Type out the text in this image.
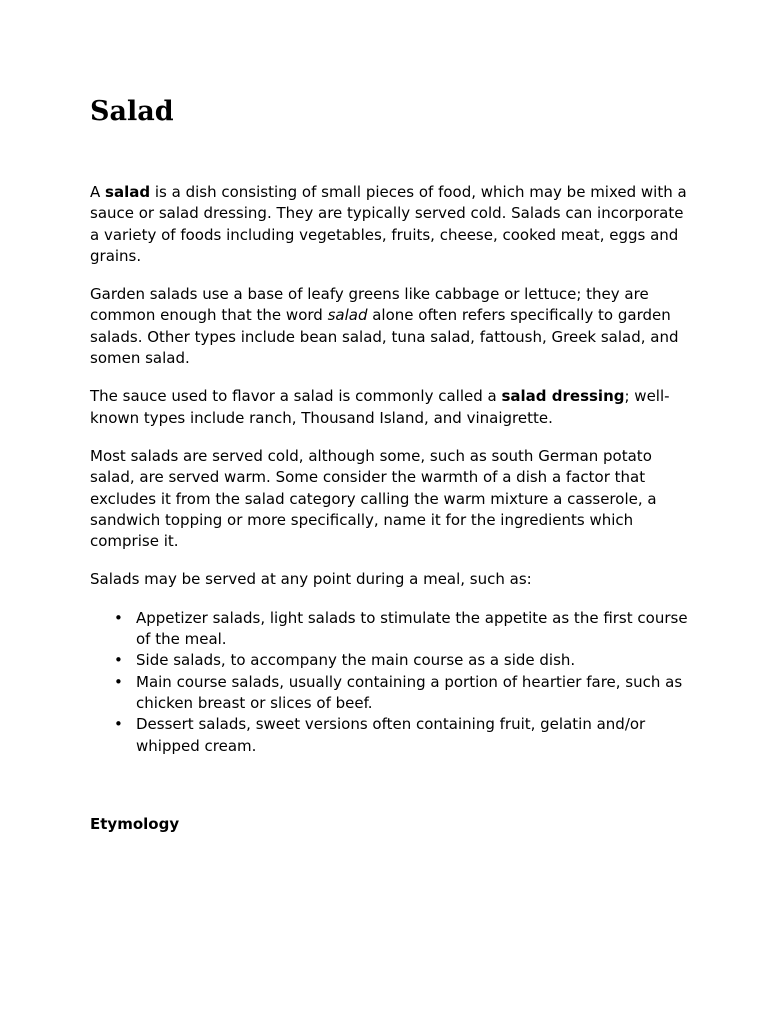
Salad

A salad is a dish consisting of small pieces of food, which may be mixed with a sauce or salad dressing. They are typically served cold. Salads can incorporate a variety of foods including vegetables, fruits, cheese, cooked meat, eggs and grains.

Garden salads use a base of leafy greens like cabbage or lettuce; they are common enough that the word salad alone often refers specifically to garden salads. Other types include bean salad, tuna salad, fattoush, Greek salad, and somen salad.

The sauce used to flavor a salad is commonly called a salad dressing; well-known types include ranch, Thousand Island, and vinaigrette.

Most salads are served cold, although some, such as south German potato salad, are served warm. Some consider the warmth of a dish a factor that excludes it from the salad category calling the warm mixture a casserole, a sandwich topping or more specifically, name it for the ingredients which comprise it.

Salads may be served at any point during a meal, such as:

• Appetizer salads, light salads to stimulate the appetite as the first course of the meal.
• Side salads, to accompany the main course as a side dish.
• Main course salads, usually containing a portion of heartier fare, such as chicken breast or slices of beef.
• Dessert salads, sweet versions often containing fruit, gelatin and/or whipped cream.
Etymology
